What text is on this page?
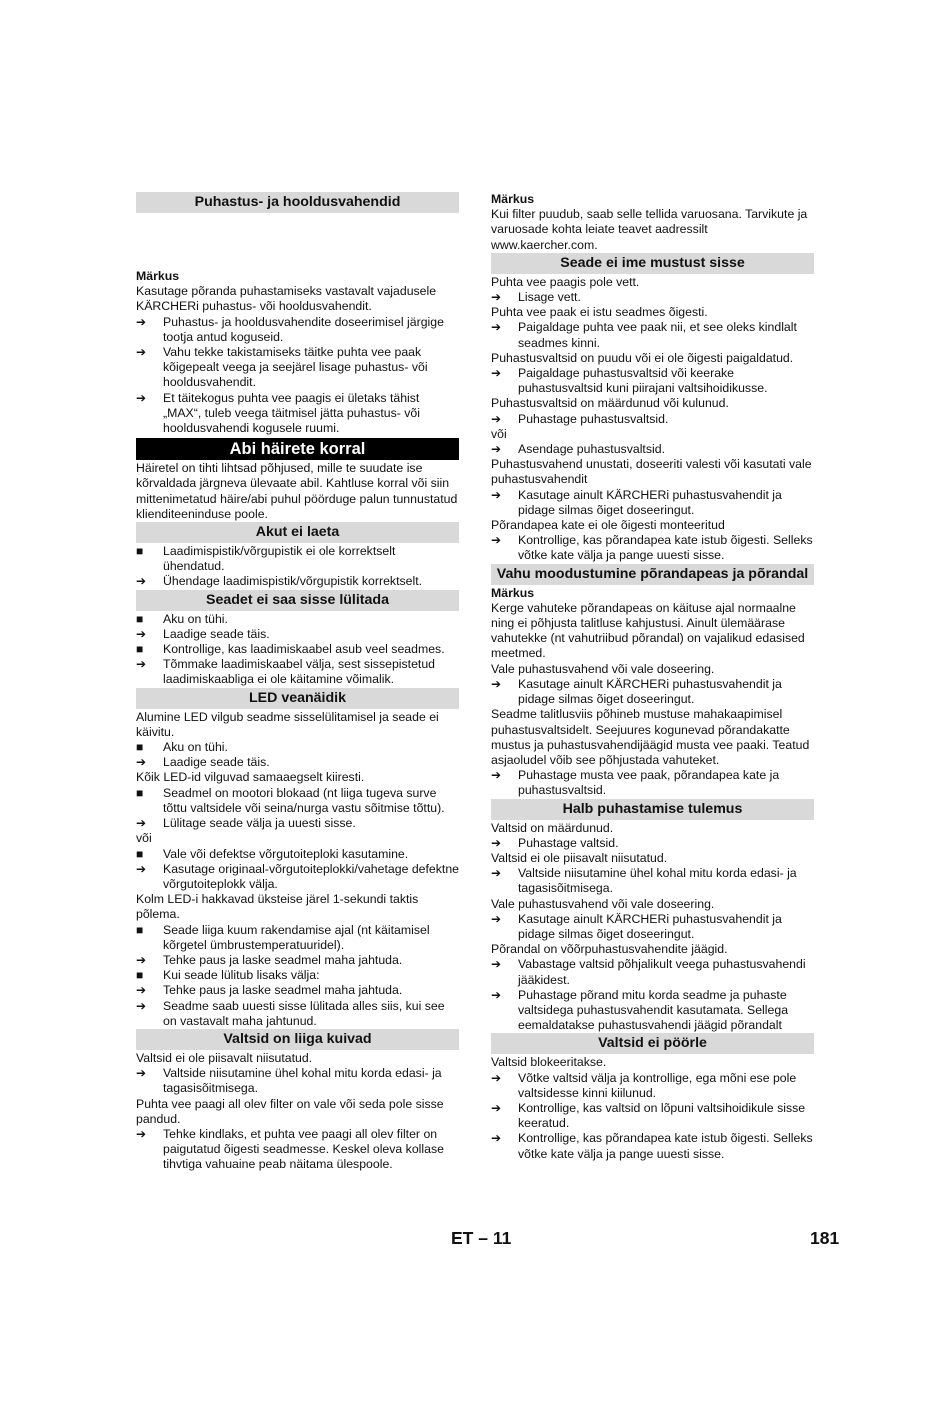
Puhastus- ja hooldusvahendid
Märkus

Kasutage põranda puhastamiseks vastavalt vajadusele KÄRCHERi puhastus- või hooldusvahendit.

➔	Puhastus- ja hooldusvahendite doseerimisel järgige tootja antud koguseid.
➔	Vahu tekke takistamiseks täitke puhta vee paak kõigepealt veega ja seejärel lisage puhastus- või hooldusvahendit.
➔	Et täitekogus puhta vee paagis ei ületaks tähist „MAX“, tuleb veega täitmisel jätta puhastus- või hooldusvahendi kogusele ruumi.
Abi häirete korral

Häiretel on tihti lihtsad põhjused, mille te suudate ise kõrvaldada järgneva ülevaate abil. Kahtluse korral või siin mittenimetatud häire/abi puhul pöörduge palun tunnustatud klienditeeninduse poole.

Akut ei laeta
■	Laadimispistik/võrgupistik ei ole korrektselt ühendatud.
➔	Ühendage laadimispistik/võrgupistik korrektselt.
Seadet ei saa sisse lülitada
■	Aku on tühi.
➔	Laadige seade täis.
■	Kontrollige, kas laadimiskaabel asub veel seadmes.
➔	Tõmmake laadimiskaabel välja, sest sissepistetud laadimiskaabliga ei ole käitamine võimalik.
LED veanäidik

Alumine LED vilgub seadme sisselülitamisel ja seade ei käivitu.

■	Aku on tühi.
➔	Laadige seade täis.

Kõik LED-id vilguvad samaaegselt kiiresti.

■	Seadmel on mootori blokaad (nt liiga tugeva surve tõttu valtsidele või seina/nurga vastu sõitmise tõttu).
➔	Lülitage seade välja ja uuesti sisse.

või

■	Vale või defektse võrgutoiteploki kasutamine.
➔	Kasutage originaal-võrgutoiteplokki/vahetage defektne võrgutoiteplokk välja.

Kolm LED-i hakkavad üksteise järel 1-sekundi taktis põlema.

■	Seade liiga kuum rakendamise ajal (nt käitamisel kõrgetel ümbrustemperatuuridel).
➔	Tehke paus ja laske seadmel maha jahtuda.
■	Kui seade lülitub lisaks välja:
➔	Tehke paus ja laske seadmel maha jahtuda.
➔	Seadme saab uuesti sisse lülitada alles siis, kui see on vastavalt maha jahtunud.
Valtsid on liiga kuivad

Valtsid ei ole piisavalt niisutatud.

➔	Valtside niisutamine ühel kohal mitu korda edasi- ja tagasisõitmisega.

Puhta vee paagi all olev filter on vale või seda pole sisse pandud.

➔	Tehke kindlaks, et puhta vee paagi all olev filter on paigutatud õigesti seadmesse. Keskel oleva kollase tihvtiga vahuaine peab näitama ülespoole.
Märkus

Kui filter puudub, saab selle tellida varuosana. Tarvikute ja varuosade kohta leiate teavet aadressilt www.kaercher.com.

Seade ei ime mustust sisse

Puhta vee paagis pole vett.

➔	Lisage vett.

Puhta vee paak ei istu seadmes õigesti.

➔	Paigaldage puhta vee paak nii, et see oleks kindlalt seadmes kinni.

Puhastusvaltsid on puudu või ei ole õigesti paigaldatud.

➔	Paigaldage puhastusvaltsid või keerake puhastusvaltsid kuni piirajani valtsihoidikusse.

Puhastusvaltsid on määrdunud või kulunud.

➔	Puhastage puhastusvaltsid.

või

➔	Asendage puhastusvaltsid.

Puhastusvahend unustati, doseeriti valesti või kasutati vale puhastusvahendit

➔	Kasutage ainult KÄRCHERi puhastusvahendit ja pidage silmas õiget doseeringut.

Põrandapea kate ei ole õigesti monteeritud

➔	Kontrollige, kas põrandapea kate istub õigesti. Selleks võtke kate välja ja pange uuesti sisse.
Vahu moodustumine põrandapeas ja põrandal
Märkus

Kerge vahuteke põrandapeas on käituse ajal normaalne ning ei põhjusta talitluse kahjustusi. Ainult ülemäärase vahutekke (nt vahutriibud põrandal) on vajalikud edasised meetmed.

Vale puhastusvahend või vale doseering.

➔	Kasutage ainult KÄRCHERi puhastusvahendit ja pidage silmas õiget doseeringut.

Seadme talitlusviis põhineb mustuse mahakaapimisel puhastusvaltsidelt. Seejuures kogunevad põrandakatte mustus ja puhastusvahendijäägid musta vee paaki. Teatud asjaoludel võib see põhjustada vahuteket.

➔	Puhastage musta vee paak, põrandapea kate ja puhastusvaltsid.
Halb puhastamise tulemus

Valtsid on määrdunud.

➔	Puhastage valtsid.

Valtsid ei ole piisavalt niisutatud.

➔	Valtside niisutamine ühel kohal mitu korda edasi- ja tagasisõitmisega.

Vale puhastusvahend või vale doseering.

➔	Kasutage ainult KÄRCHERi puhastusvahendit ja pidage silmas õiget doseeringut.

Põrandal on võõrpuhastusvahendite jäägid.

➔	Vabastage valtsid põhjalikult veega puhastusvahendi jääkidest.
➔	Puhastage põrand mitu korda seadme ja puhaste valtsidega puhastusvahendit kasutamata. Sellega eemaldatakse puhastusvahendi jäägid põrandalt
Valtsid ei pöörle

Valtsid blokeeritakse.

➔	Võtke valtsid välja ja kontrollige, ega mõni ese pole valtsidesse kinni kiilunud.
➔	Kontrollige, kas valtsid on lõpuni valtsihoidikule sisse keeratud.
➔	Kontrollige, kas põrandapea kate istub õigesti. Selleks võtke kate välja ja pange uuesti sisse.
ET – 11	181
